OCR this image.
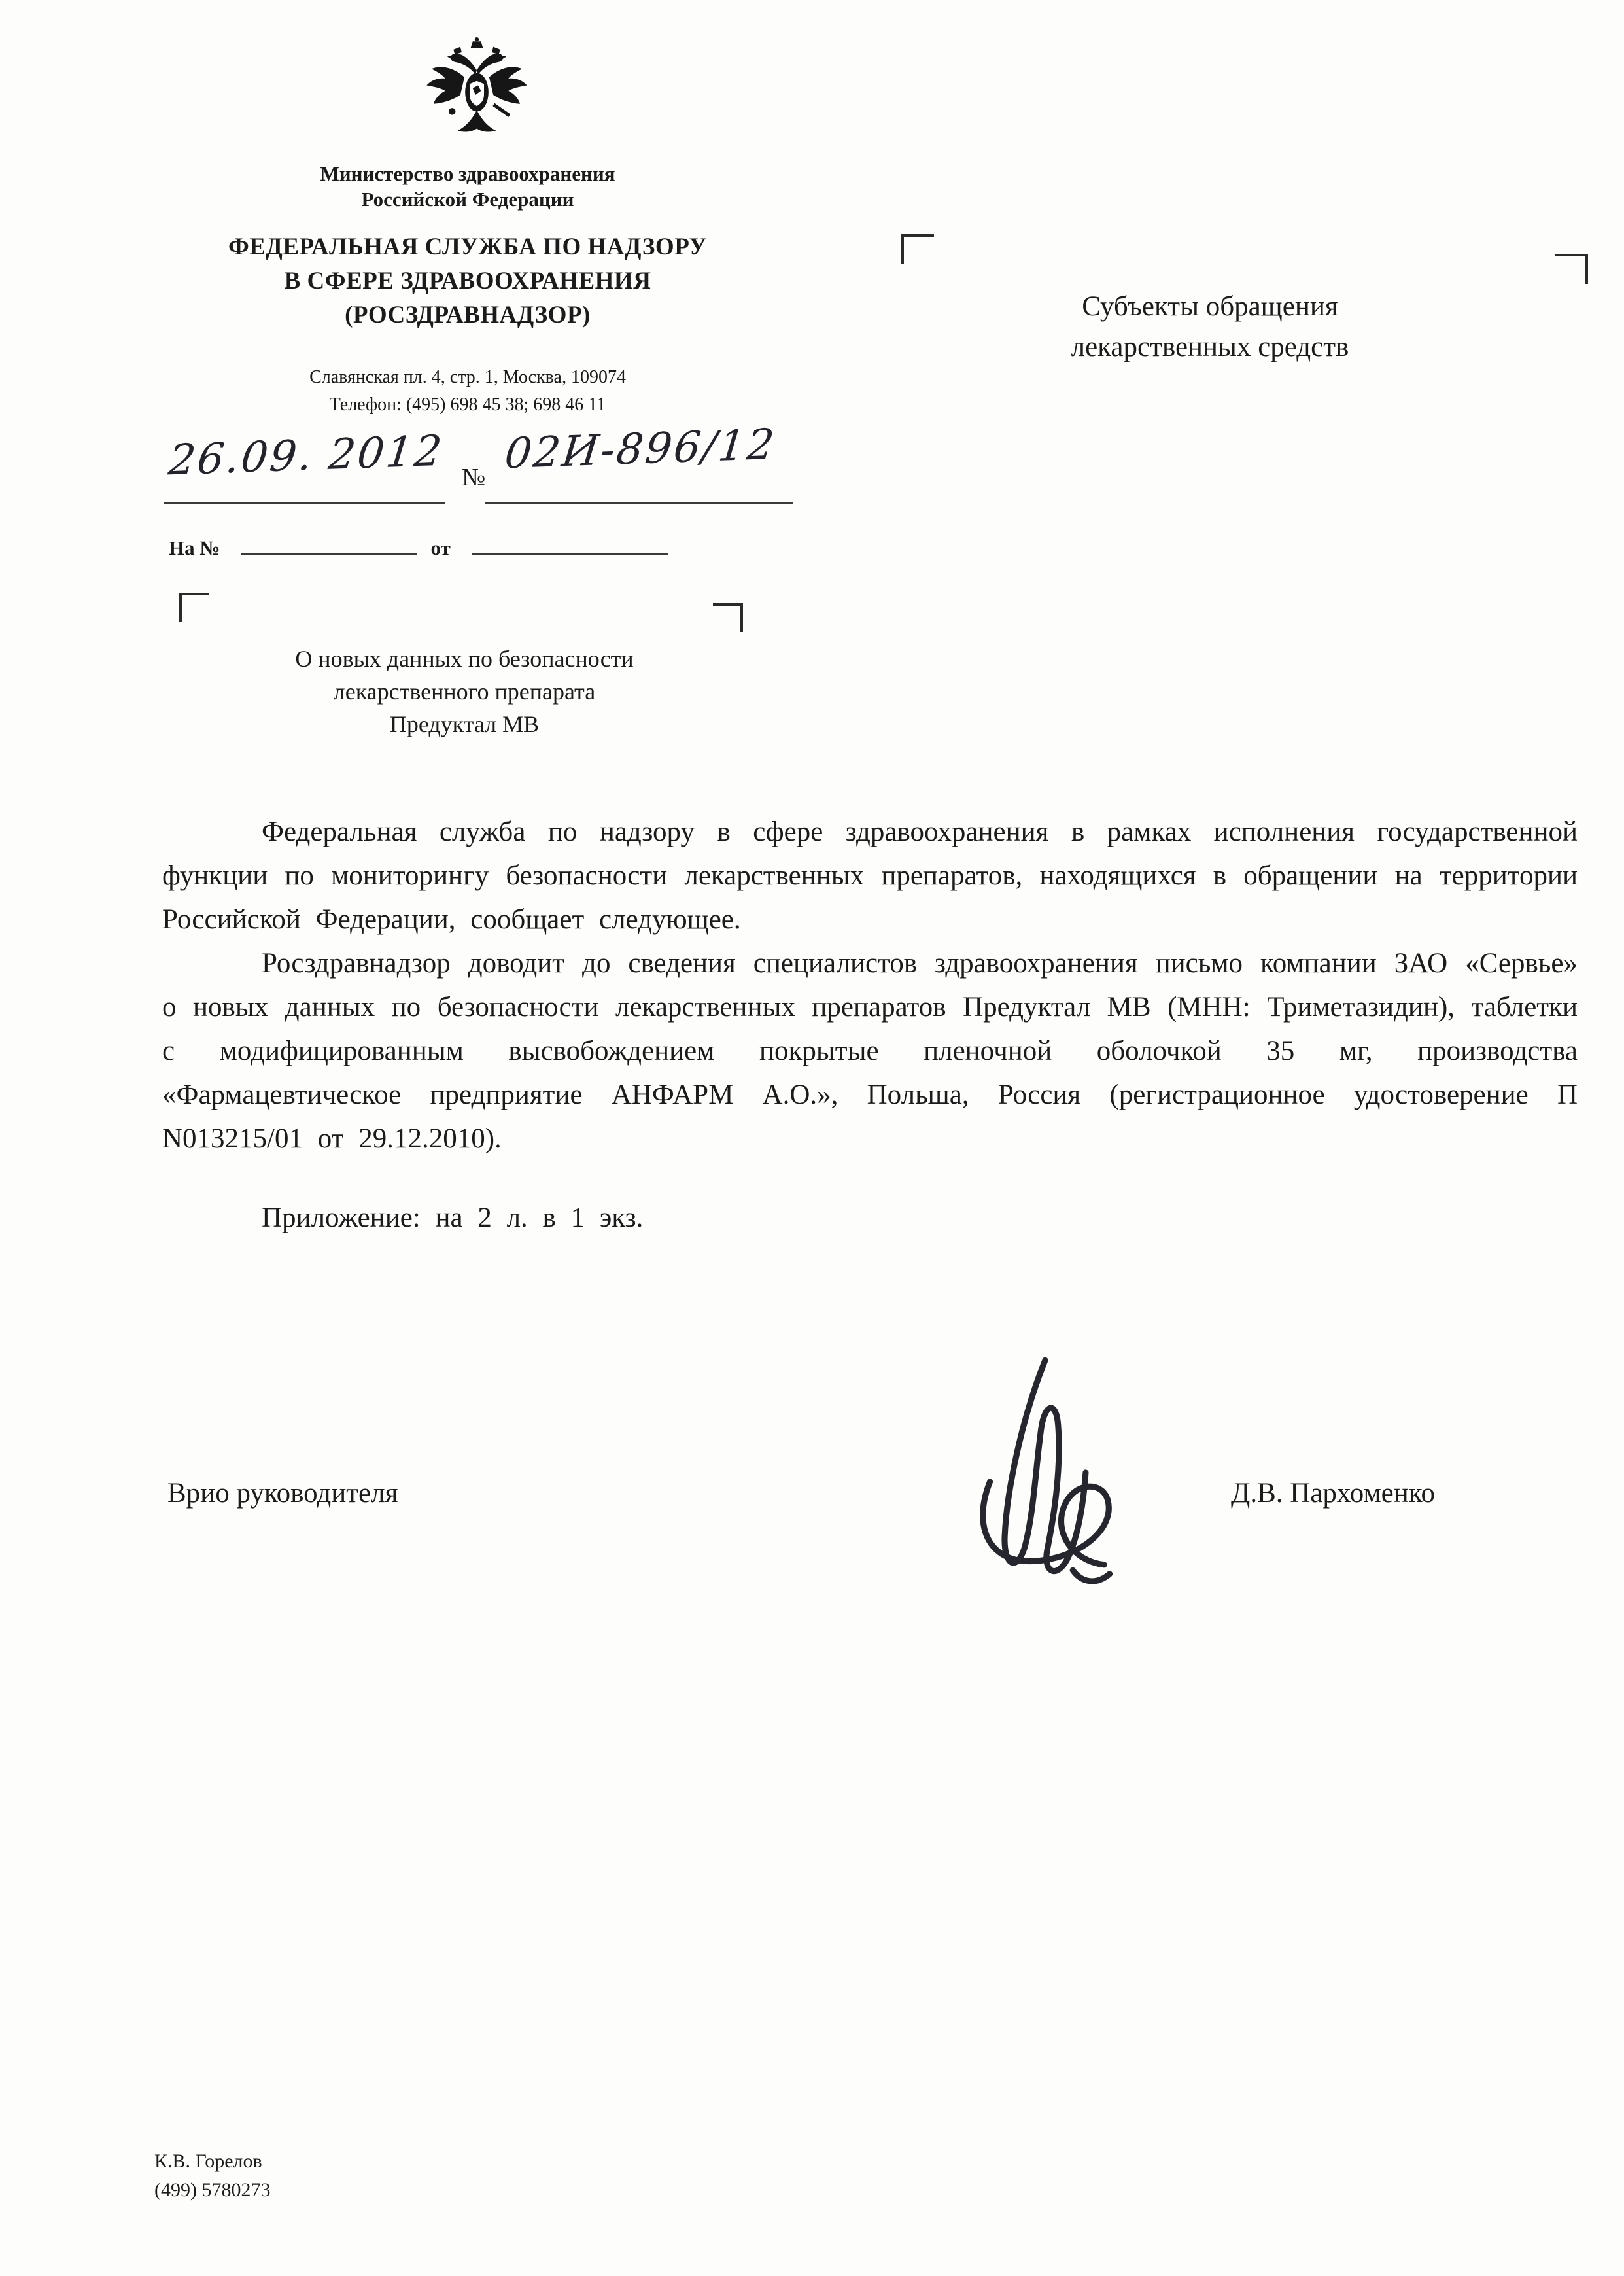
Министерство здравоохранения
Российской Федерации
ФЕДЕРАЛЬНАЯ СЛУЖБА ПО НАДЗОРУ
В СФЕРЕ ЗДРАВООХРАНЕНИЯ
(РОСЗДРАВНАДЗОР)
Славянская пл. 4, стр. 1, Москва, 109074
Телефон: (495) 698 45 38; 698 46 11
Субъекты обращения
лекарственных средств
26.09. 2012 № 02И-896/12
На №	от
О новых данных по безопасности
лекарственного препарата
Предуктал МВ

Федеральная служба по надзору в сфере здравоохранения в рамках исполнения государственной функции по мониторингу безопасности лекарственных препаратов, находящихся в обращении на территории Российской Федерации, сообщает следующее.

Росздравнадзор доводит до сведения специалистов здравоохранения письмо компании ЗАО «Сервье» о новых данных по безопасности лекарственных препаратов Предуктал МВ (МНН: Триметазидин), таблетки с модифицированным высвобождением покрытые пленочной оболочкой 35 мг, производства «Фармацевтическое предприятие АНФАРМ А.О.», Польша, Россия (регистрационное удостоверение П N013215/01 от 29.12.2010).

Приложение: на 2 л. в 1 экз.

Врио руководителя	Д.В. Пархоменко
К.В. Горелов
(499) 5780273
